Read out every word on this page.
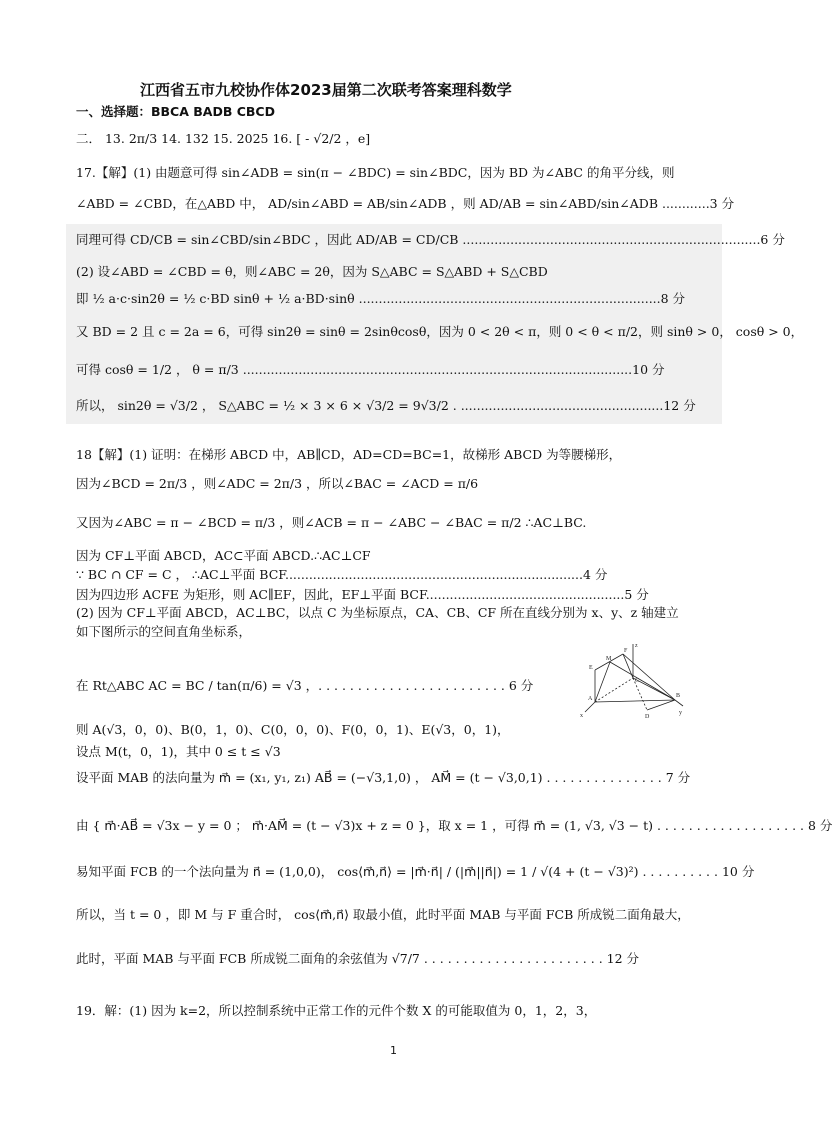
江西省五市九校协作体2023届第二次联考答案理科数学
一、选择题：BBCA BADB CBCD
二． 13. 2π/3 14. 132 15. 2025 16. [ - √2/2 ，e]
17.【解】(1) 由题意可得 sin∠ADB = sin(π − ∠BDC) = sin∠BDC，因为 BD 为∠ABC 的角平分线，则
∠ABD = ∠CBD，在△ABD 中， AD/sin∠ABD = AB/sin∠ADB ，则 AD/AB = sin∠ABD/sin∠ADB ............3 分
同理可得 CD/CB = sin∠CBD/sin∠BDC ，因此 AD/AB = CD/CB ...........................................................................6 分
(2) 设∠ABD = ∠CBD = θ，则∠ABC = 2θ，因为 S△ABC = S△ABD + S△CBD
即 ½ a·c·sin2θ = ½ c·BD sinθ + ½ a·BD·sinθ ............................................................................8 分
又 BD = 2 且 c = 2a = 6，可得 sin2θ = sinθ = 2sinθcosθ，因为 0 < 2θ < π，则 0 < θ < π/2，则 sinθ > 0， cosθ > 0，
可得 cosθ = 1/2 ， θ = π/3 ..................................................................................................10 分
所以， sin2θ = √3/2 ， S△ABC = ½ × 3 × 6 × √3/2 = 9√3/2 . ...................................................12 分
18【解】(1) 证明：在梯形 ABCD 中，AB∥CD，AD=CD=BC=1，故梯形 ABCD 为等腰梯形，
因为∠BCD = 2π/3 ，则∠ADC = 2π/3 ，所以∠BAC = ∠ACD = π/6
又因为∠ABC = π − ∠BCD = π/3 ，则∠ACB = π − ∠ABC − ∠BAC = π/2 ∴AC⊥BC.
因为 CF⊥平面 ABCD，AC⊂平面 ABCD.∴AC⊥CF
∵ BC ∩ CF = C ， ∴AC⊥平面 BCF...........................................................................4 分
因为四边形 ACFE 为矩形，则 AC∥EF，因此，EF⊥平面 BCF..................................................5 分
(2) 因为 CF⊥平面 ABCD，AC⊥BC，以点 C 为坐标原点，CA、CB、CF 所在直线分别为 x、y、z 轴建立
如下图所示的空间直角坐标系，
在 Rt△ABC AC = BC / tan(π/6) = √3 ，. . . . . . . . . . . . . . . . . . . . . . . . 6 分
则 A(√3，0，0)、B(0，1，0)、C(0，0，0)、F(0，0，1)、E(√3，0，1)，
设点 M(t，0，1)，其中 0 ≤ t ≤ √3
设平面 MAB 的法向量为 m⃗ = (x₁, y₁, z₁) AB⃗ = (−√3,1,0) ， AM⃗ = (t − √3,0,1) . . . . . . . . . . . . . . . 7 分
由 { m⃗·AB⃗ = √3x − y = 0 ； m⃗·AM⃗ = (t − √3)x + z = 0 }，取 x = 1 ，可得 m⃗ = (1, √3, √3 − t) . . . . . . . . . . . . . . . . . . . 8 分
易知平面 FCB 的一个法向量为 n⃗ = (1,0,0)， cos⟨m⃗,n⃗⟩ = |m⃗·n⃗| / (|m⃗||n⃗|) = 1 / √(4 + (t − √3)²) . . . . . . . . . . 10 分
所以，当 t = 0 ，即 M 与 F 重合时， cos⟨m⃗,n⃗⟩ 取最小值，此时平面 MAB 与平面 FCB 所成锐二面角最大，
此时，平面 MAB 与平面 FCB 所成锐二面角的余弦值为 √7/7 . . . . . . . . . . . . . . . . . . . . . . . 12 分
19．解：(1) 因为 k=2，所以控制系统中正常工作的元件个数 X 的可能取值为 0，1，2，3，
E
F
M
A	B
C
D
x	y
z
1
